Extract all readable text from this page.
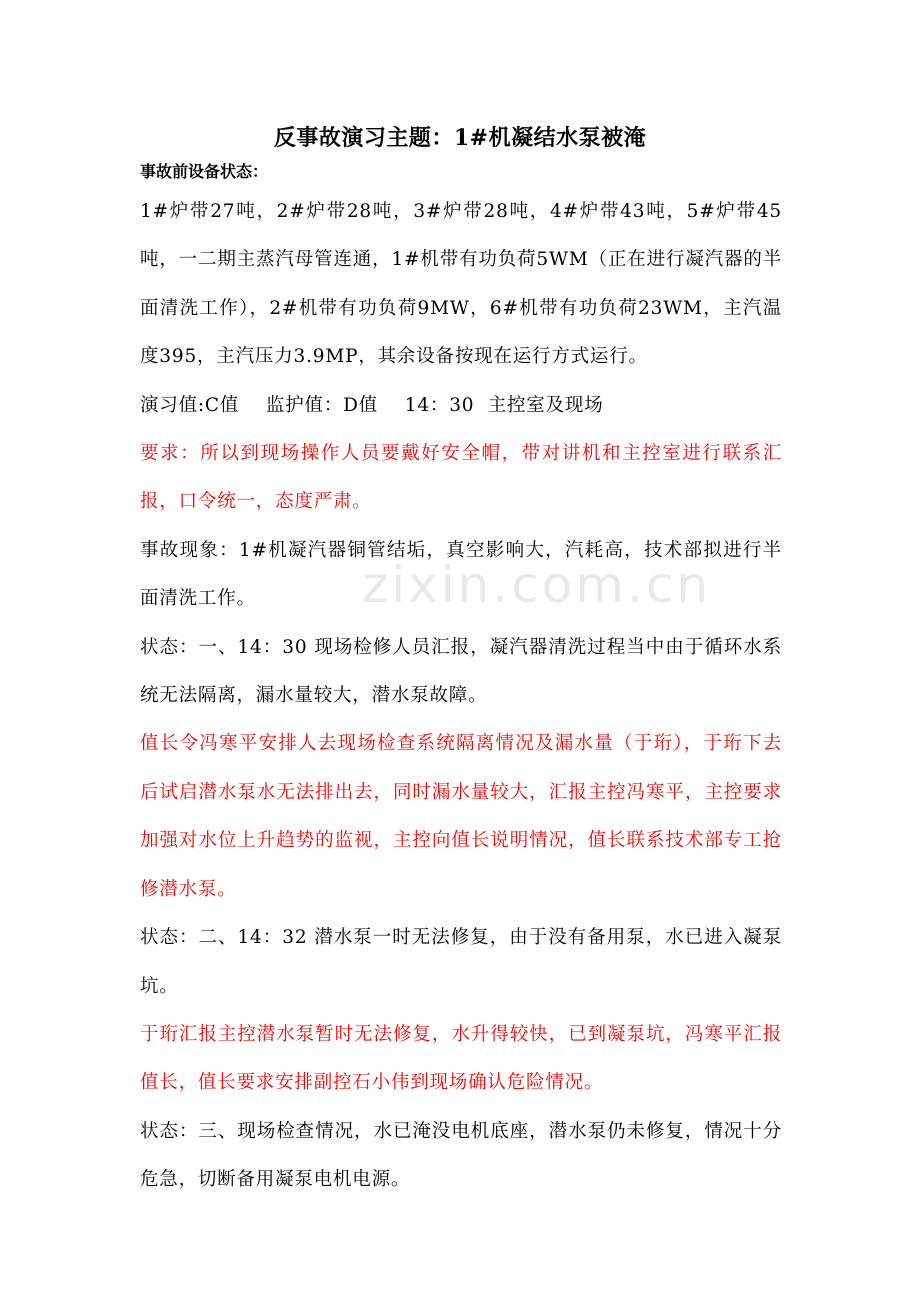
zixin.com.cn
反事故演习主题：1#机凝结水泵被淹
事故前设备状态：

1#炉带27吨，2#炉带28吨，3#炉带28吨，4#炉带43吨，5#炉带45吨，一二期主蒸汽母管连通，1#机带有功负荷5WM（正在进行凝汽器的半面清洗工作），2#机带有功负荷9MW，6#机带有功负荷23WM，主汽温度395，主汽压力3.9MP，其余设备按现在运行方式运行。

演习值:C值    监护值：D值    14：30  主控室及现场

要求：所以到现场操作人员要戴好安全帽，带对讲机和主控室进行联系汇报，口令统一，态度严肃。

事故现象：1#机凝汽器铜管结垢，真空影响大，汽耗高，技术部拟进行半面清洗工作。

状态：一、14：30 现场检修人员汇报，凝汽器清洗过程当中由于循环水系统无法隔离，漏水量较大，潜水泵故障。

值长令冯寒平安排人去现场检查系统隔离情况及漏水量（于珩），于珩下去后试启潜水泵水无法排出去，同时漏水量较大，汇报主控冯寒平，主控要求加强对水位上升趋势的监视，主控向值长说明情况，值长联系技术部专工抢修潜水泵。

状态：二、14：32 潜水泵一时无法修复，由于没有备用泵，水已进入凝泵坑。

于珩汇报主控潜水泵暂时无法修复，水升得较快，已到凝泵坑，冯寒平汇报值长，值长要求安排副控石小伟到现场确认危险情况。

状态：三、现场检查情况，水已淹没电机底座，潜水泵仍未修复，情况十分危急，切断备用凝泵电机电源。
